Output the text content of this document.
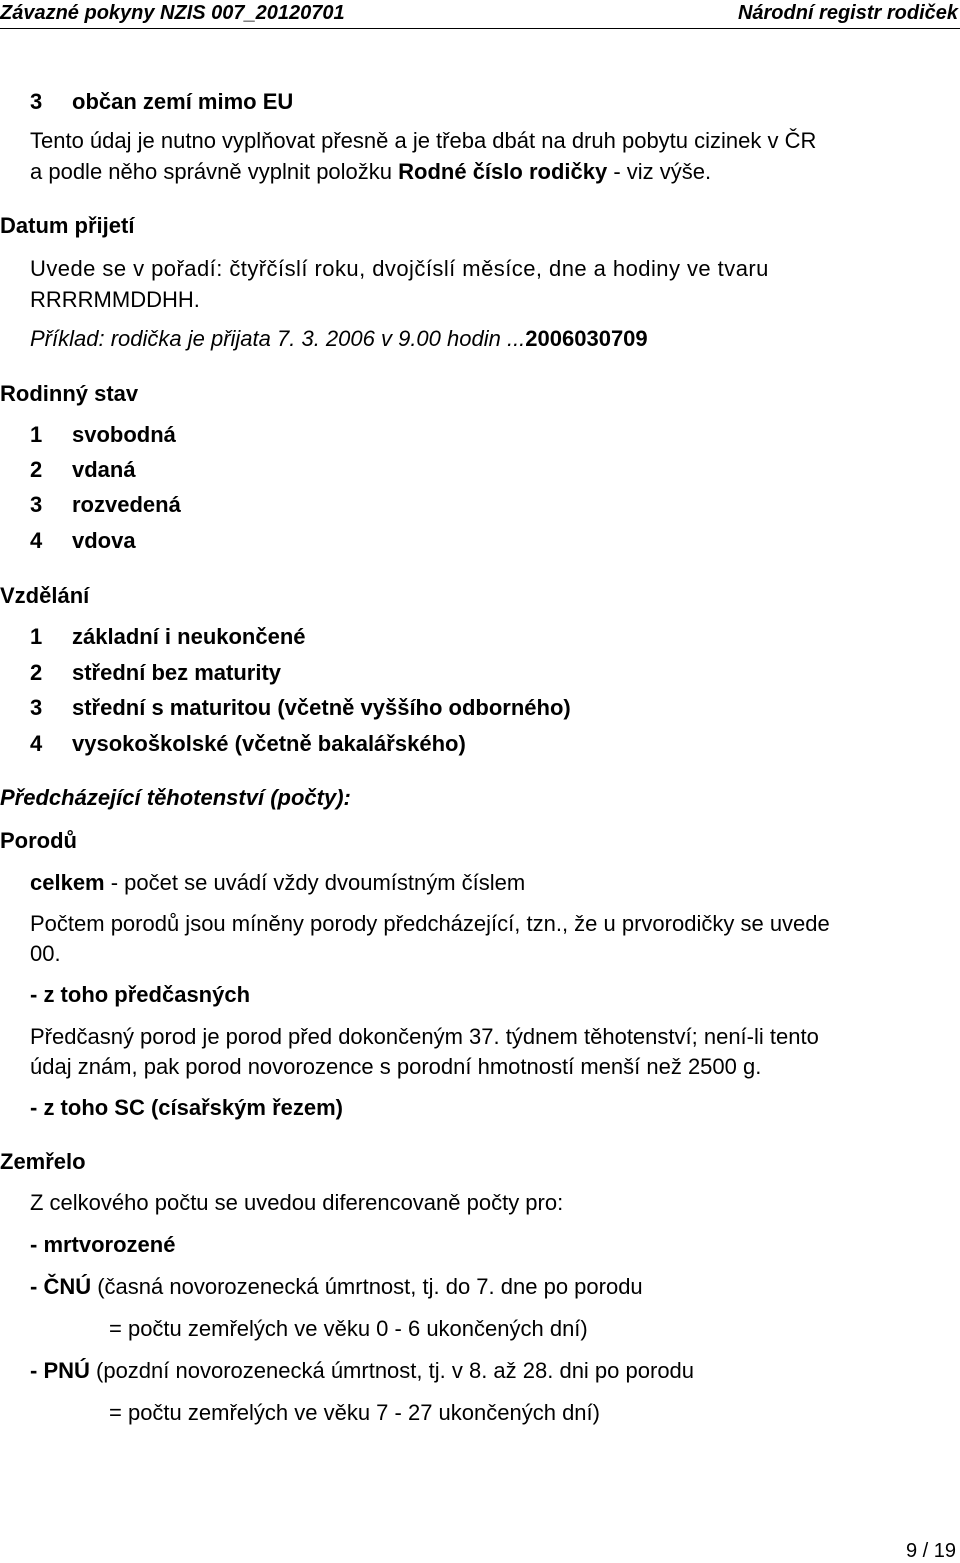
Závazné pokyny NZIS 007_20120701	Národní registr rodiček
3 občan zemí mimo EU
Tento údaj je nutno vyplňovat přesně a je třeba dbát na druh pobytu cizinek v ČR
a podle něho správně vyplnit položku Rodné číslo rodičky - viz výše.
Datum přijetí
Uvede se v pořadí: čtyřčíslí roku, dvojčíslí měsíce, dne a hodiny ve tvaru
RRRRMMDDHH.
Příklad: rodička je přijata 7. 3. 2006 v 9.00 hodin ...2006030709
Rodinný stav
1 svobodná
2 vdaná
3 rozvedená
4 vdova
Vzdělání
1 základní i neukončené
2 střední bez maturity
3 střední s maturitou (včetně vyššího odborného)
4 vysokoškolské (včetně bakalářského)
Předcházející těhotenství (počty):
Porodů
celkem - počet se uvádí vždy dvoumístným číslem
Počtem porodů jsou míněny porody předcházející, tzn., že u prvorodičky se uvede
00.
- z toho předčasných
Předčasný porod je porod před dokončeným 37. týdnem těhotenství; není-li tento
údaj znám, pak porod novorozence s porodní hmotností menší než 2500 g.
- z toho SC (císařským řezem)
Zemřelo
Z celkového počtu se uvedou diferencovaně počty pro:
- mrtvorozené
- ČNÚ (časná novorozenecká úmrtnost, tj. do 7. dne po porodu
= počtu zemřelých ve věku 0 - 6 ukončených dní)
- PNÚ (pozdní novorozenecká úmrtnost, tj. v 8. až 28. dni po porodu
= počtu zemřelých ve věku 7 - 27 ukončených dní)
9 / 19
